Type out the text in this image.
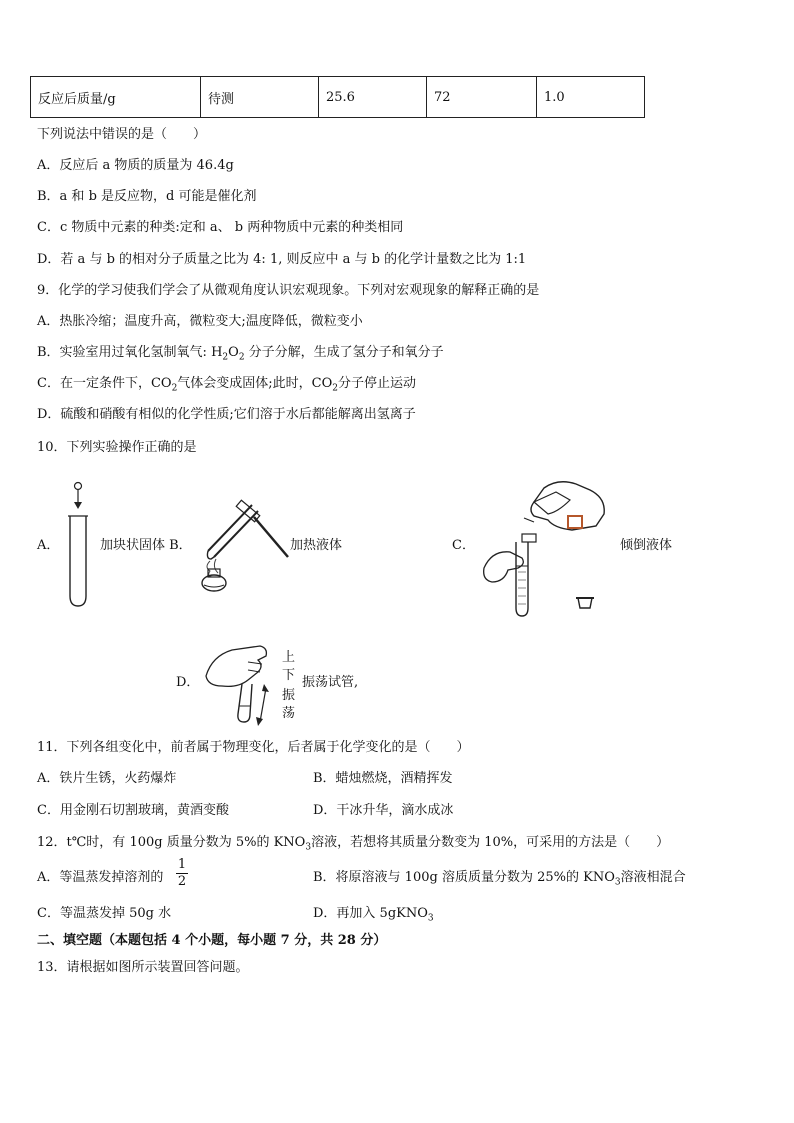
反应后质量/g	待测	25.6	72	1.0
下列说法中错误的是（　　）
A．反应后 a 物质的质量为 46.4g
B．a 和 b 是反应物，d 可能是催化剂
C．c 物质中元素的种类:定和 a、 b 两种物质中元素的种类相同
D．若 a 与 b 的相对分子质量之比为 4: 1, 则反应中 a 与 b 的化学计量数之比为 1:1
9．化学的学习使我们学会了从微观角度认识宏观现象。下列对宏观现象的解释正确的是
A．热胀冷缩；温度升高，微粒变大;温度降低，微粒变小
B．实验室用过氧化氢制氧气: $H_2O_2$ 分子分解，生成了氢分子和氧分子
C．在一定条件下，$CO_2$气体会变成固体;此时，$CO_2$分子停止运动
D．硫酸和硝酸有相似的化学性质;它们溶于水后都能解离出氢离子
10．下列实验操作正确的是
A．	加块状固体 B．	加热液体	C．	倾倒液体
D．
上
下
振
荡
振荡试管,
11．下列各组变化中，前者属于物理变化，后者属于化学变化的是（　　）
A．铁片生锈，火药爆炸	B．蜡烛燃烧，酒精挥发
C．用金刚石切割玻璃，黄酒变酸	D．干冰升华，滴水成冰
12．t℃时，有 100g 质量分数为 5%的 $KNO_3$溶液，若想将其质量分数变为 10%，可采用的方法是（　　）
A．等温蒸发掉溶剂的
1
2	B．将原溶液与 100g 溶质质量分数为 25%的 $KNO_3$溶液相混合
C．等温蒸发掉 50g 水	D．再加入 5gKNO$_3$
二、填空题（本题包括 4 个小题，每小题 7 分，共 28 分）
13．请根据如图所示装置回答问题。
